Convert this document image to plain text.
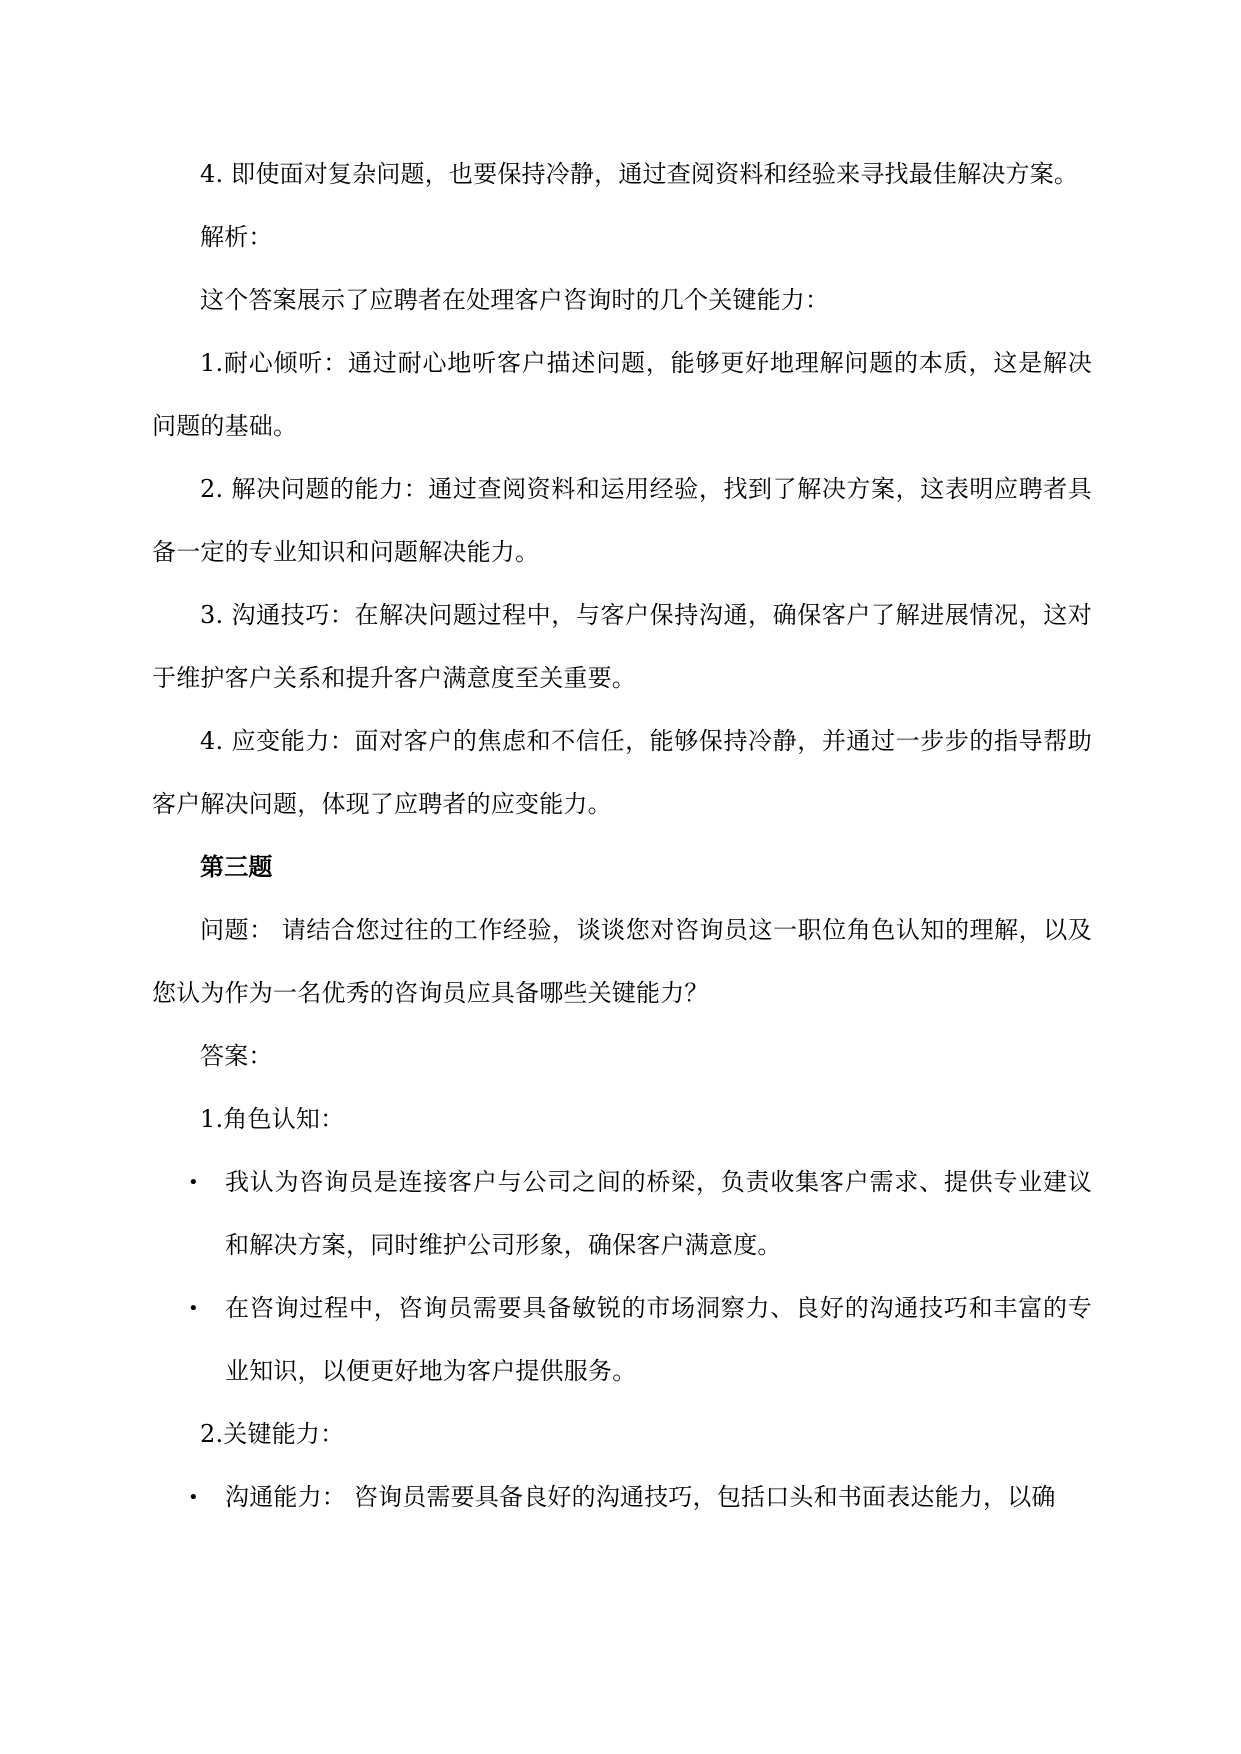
4. 即使面对复杂问题，也要保持冷静，通过查阅资料和经验来寻找最佳解决方案。

解析：

这个答案展示了应聘者在处理客户咨询时的几个关键能力：

1.耐心倾听：通过耐心地听客户描述问题，能够更好地理解问题的本质，这是解决问题的基础。

2. 解决问题的能力：通过查阅资料和运用经验，找到了解决方案，这表明应聘者具备一定的专业知识和问题解决能力。

3. 沟通技巧：在解决问题过程中，与客户保持沟通，确保客户了解进展情况，这对于维护客户关系和提升客户满意度至关重要。

4. 应变能力：面对客户的焦虑和不信任，能够保持冷静，并通过一步步的指导帮助客户解决问题，体现了应聘者的应变能力。

第三题

问题： 请结合您过往的工作经验，谈谈您对咨询员这一职位角色认知的理解，以及您认为作为一名优秀的咨询员应具备哪些关键能力？

答案：

1.角色认知：

• 我认为咨询员是连接客户与公司之间的桥梁，负责收集客户需求、提供专业建议和解决方案，同时维护公司形象，确保客户满意度。
• 在咨询过程中，咨询员需要具备敏锐的市场洞察力、良好的沟通技巧和丰富的专业知识，以便更好地为客户提供服务。

2.关键能力：

• 沟通能力： 咨询员需要具备良好的沟通技巧，包括口头和书面表达能力，以确
